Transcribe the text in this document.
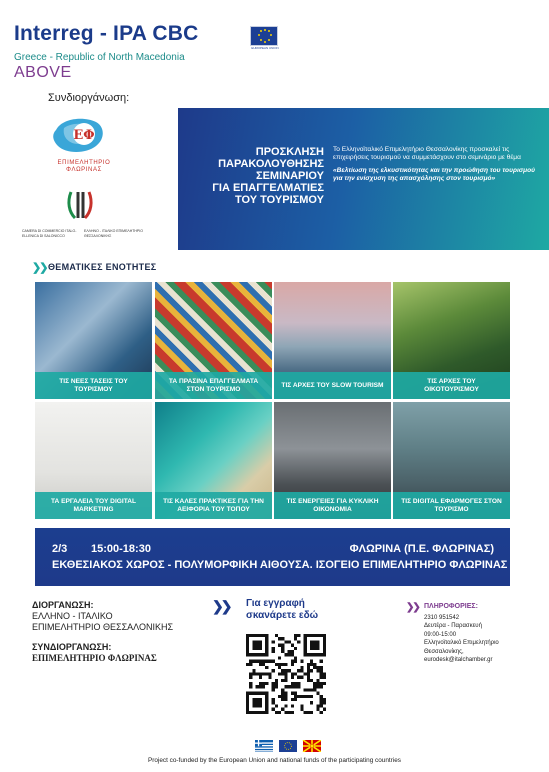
Interreg - IPA CBC
EUROPEAN UNION
Greece - Republic of North Macedonia
ABOVE
Συνδιοργάνωση:
ΕΦ
ΕΠΙΜΕΛΗΤΗΡΙΟ
ΦΛΩΡΙΝΑΣ
CAMERA DI COMMERCIO ITALO-ELLENICA DI SALONICCO
ΕΛΛΗΝΟ - ΙΤΑΛΙΚΟ ΕΠΙΜΕΛΗΤΗΡΙΟ ΘΕΣΣΑΛΟΝΙΚΗΣ
ΠΡΟΣΚΛΗΣΗ
ΠΑΡΑΚΟΛΟΥΘΗΣΗΣ
ΣΕΜΙΝΑΡΙΟΥ
ΓΙΑ ΕΠΑΓΓΕΛΜΑΤΙΕΣ
ΤΟΥ ΤΟΥΡΙΣΜΟΥ

Το Ελληνοϊταλικό Επιμελητήριο Θεσσαλονίκης προσκαλεί τις επιχειρήσεις τουρισμού να συμμετάσχουν στο σεμινάριο με θέμα

«Βελτίωση της ελκυστικότητας και την προώθηση του τουρισμού για την ενίσχυση της απασχόλησης στον τουρισμό»

❯❯ ΘΕΜΑΤΙΚΕΣ ΕΝΟΤΗΤΕΣ
ΤΙΣ ΝΕΕΣ ΤΑΣΕΙΣ ΤΟΥ ΤΟΥΡΙΣΜΟΥ
ΤΑ ΠΡΑΣΙΝΑ ΕΠΑΓΓΕΛΜΑΤΑ ΣΤΟΝ ΤΟΥΡΙΣΜΟ
ΤΙΣ ΑΡΧΕΣ ΤΟΥ SLOW TOURISM
ΤΙΣ ΑΡΧΕΣ ΤΟΥ ΟΙΚΟΤΟΥΡΙΣΜΟΥ
ΤΑ ΕΡΓΑΛΕΙΑ ΤΟΥ DIGITAL MARKETING
ΤΙΣ ΚΑΛΕΣ ΠΡΑΚΤΙΚΕΣ ΓΙΑ ΤΗΝ ΑΕΙΦΟΡΙΑ ΤΟΥ ΤΟΠΟΥ
ΤΙΣ ΕΝΕΡΓΕΙΕΣ ΓΙΑ ΚΥΚΛΙΚΗ ΟΙΚΟΝΟΜΙΑ
ΤΙΣ DIGITAL ΕΦΑΡΜΟΓΕΣ ΣΤΟΝ ΤΟΥΡΙΣΜΟ
2/3 15:00-18:30	ΦΛΩΡΙΝΑ (Π.Ε. ΦΛΩΡΙΝΑΣ)
ΕΚΘΕΣΙΑΚΟΣ ΧΩΡΟΣ - ΠΟΛΥΜΟΡΦΙΚΗ ΑΙΘΟΥΣΑ. ΙΣΟΓΕΙΟ ΕΠΙΜΕΛΗΤΗΡΙΟ ΦΛΩΡΙΝΑΣ
ΔΙΟΡΓΑΝΩΣΗ:
ΕΛΛΗΝΟ - ΙΤΑΛΙΚΟ
ΕΠΙΜΕΛΗΤΗΡΙΟ ΘΕΣΣΑΛΟΝΙΚΗΣ
ΣΥΝΔΙΟΡΓΑΝΩΣΗ:
ΕΠΙΜΕΛΗΤΗΡΙΟ ΦΛΩΡΙΝΑΣ
❯❯ Για εγγραφή
σκανάρετε εδώ
❯❯ ΠΛΗΡΟΦΟΡΙΕΣ:
2310 951542
Δευτέρα - Παρασκευή
09:00-15:00
Ελληνοϊταλικό Επιμελητήριο
Θεσσαλονίκης,
eurodesk@italchamber.gr
Project co-funded by the European Union and national funds of the participating countries
